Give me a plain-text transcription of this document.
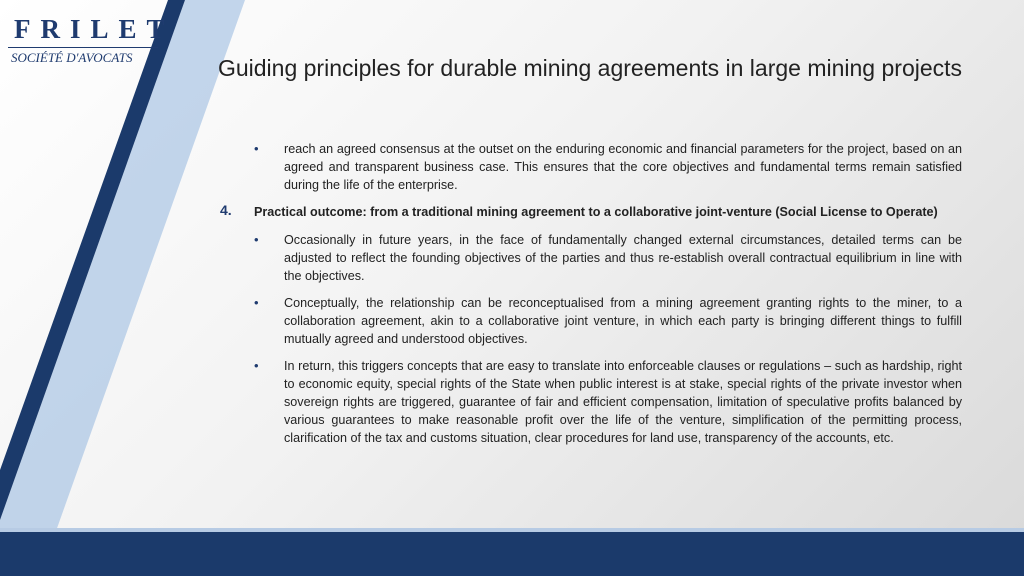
FRILET
SOCIÉTÉ D'AVOCATS	Guiding principles for durable mining agreements in large mining projects
• reach an agreed consensus at the outset on the enduring economic and financial parameters for the project, based on an agreed and transparent business case. This ensures that the core objectives and fundamental terms remain satisfied during the life of the enterprise.
4. Practical outcome: from a traditional mining agreement to a collaborative joint-venture (Social License to Operate)
• Occasionally in future years, in the face of fundamentally changed external circumstances, detailed terms can be adjusted to reflect the founding objectives of the parties and thus re-establish overall contractual equilibrium in line with the objectives.
• Conceptually, the relationship can be reconceptualised from a mining agreement granting rights to the miner, to a collaboration agreement, akin to a collaborative joint venture, in which each party is bringing different things to fulfill mutually agreed and understood objectives.
• In return, this triggers concepts that are easy to translate into enforceable clauses or regulations – such as hardship, right to economic equity, special rights of the State when public interest is at stake, special rights of the private investor when sovereign rights are triggered, guarantee of fair and efficient compensation, limitation of speculative profits balanced by various guarantees to make reasonable profit over the life of the venture, simplification of the permitting process, clarification of the tax and customs situation, clear procedures for land use, transparency of the accounts, etc.
